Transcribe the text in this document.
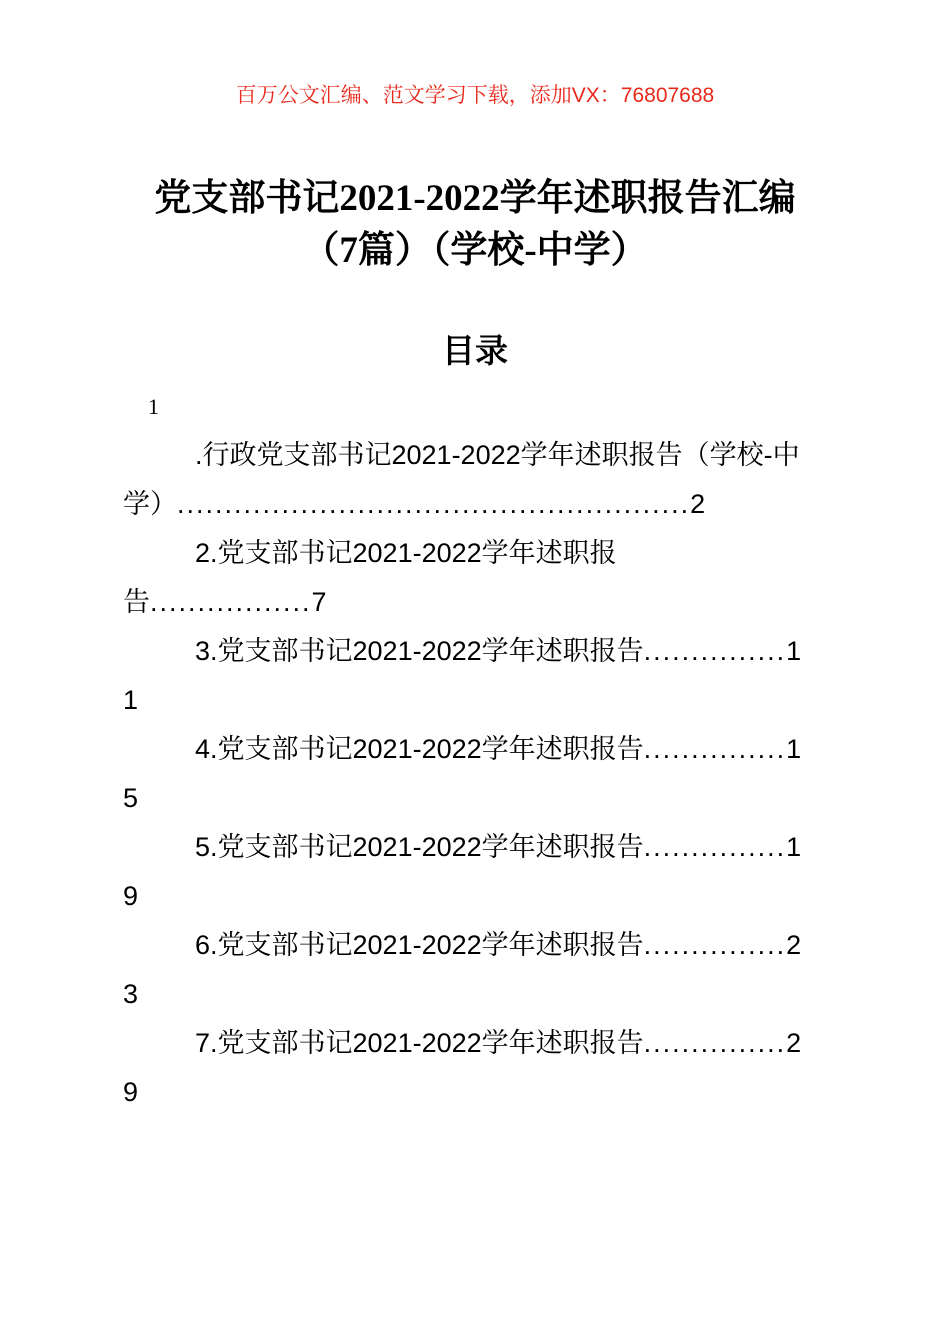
百万公文汇编、范文学习下载，添加VX：76807688
党支部书记2021-2022学年述职报告汇编
（7篇）（学校-中学）
目录

1

.行政党支部书记2021-2022学年述职报告（学校-中学）......................................................2

2.党支部书记2021-2022学年述职报告.................7

3.党支部书记2021-2022学年述职报告...............11

4.党支部书记2021-2022学年述职报告...............15

5.党支部书记2021-2022学年述职报告...............19

6.党支部书记2021-2022学年述职报告...............23

7.党支部书记2021-2022学年述职报告...............29
